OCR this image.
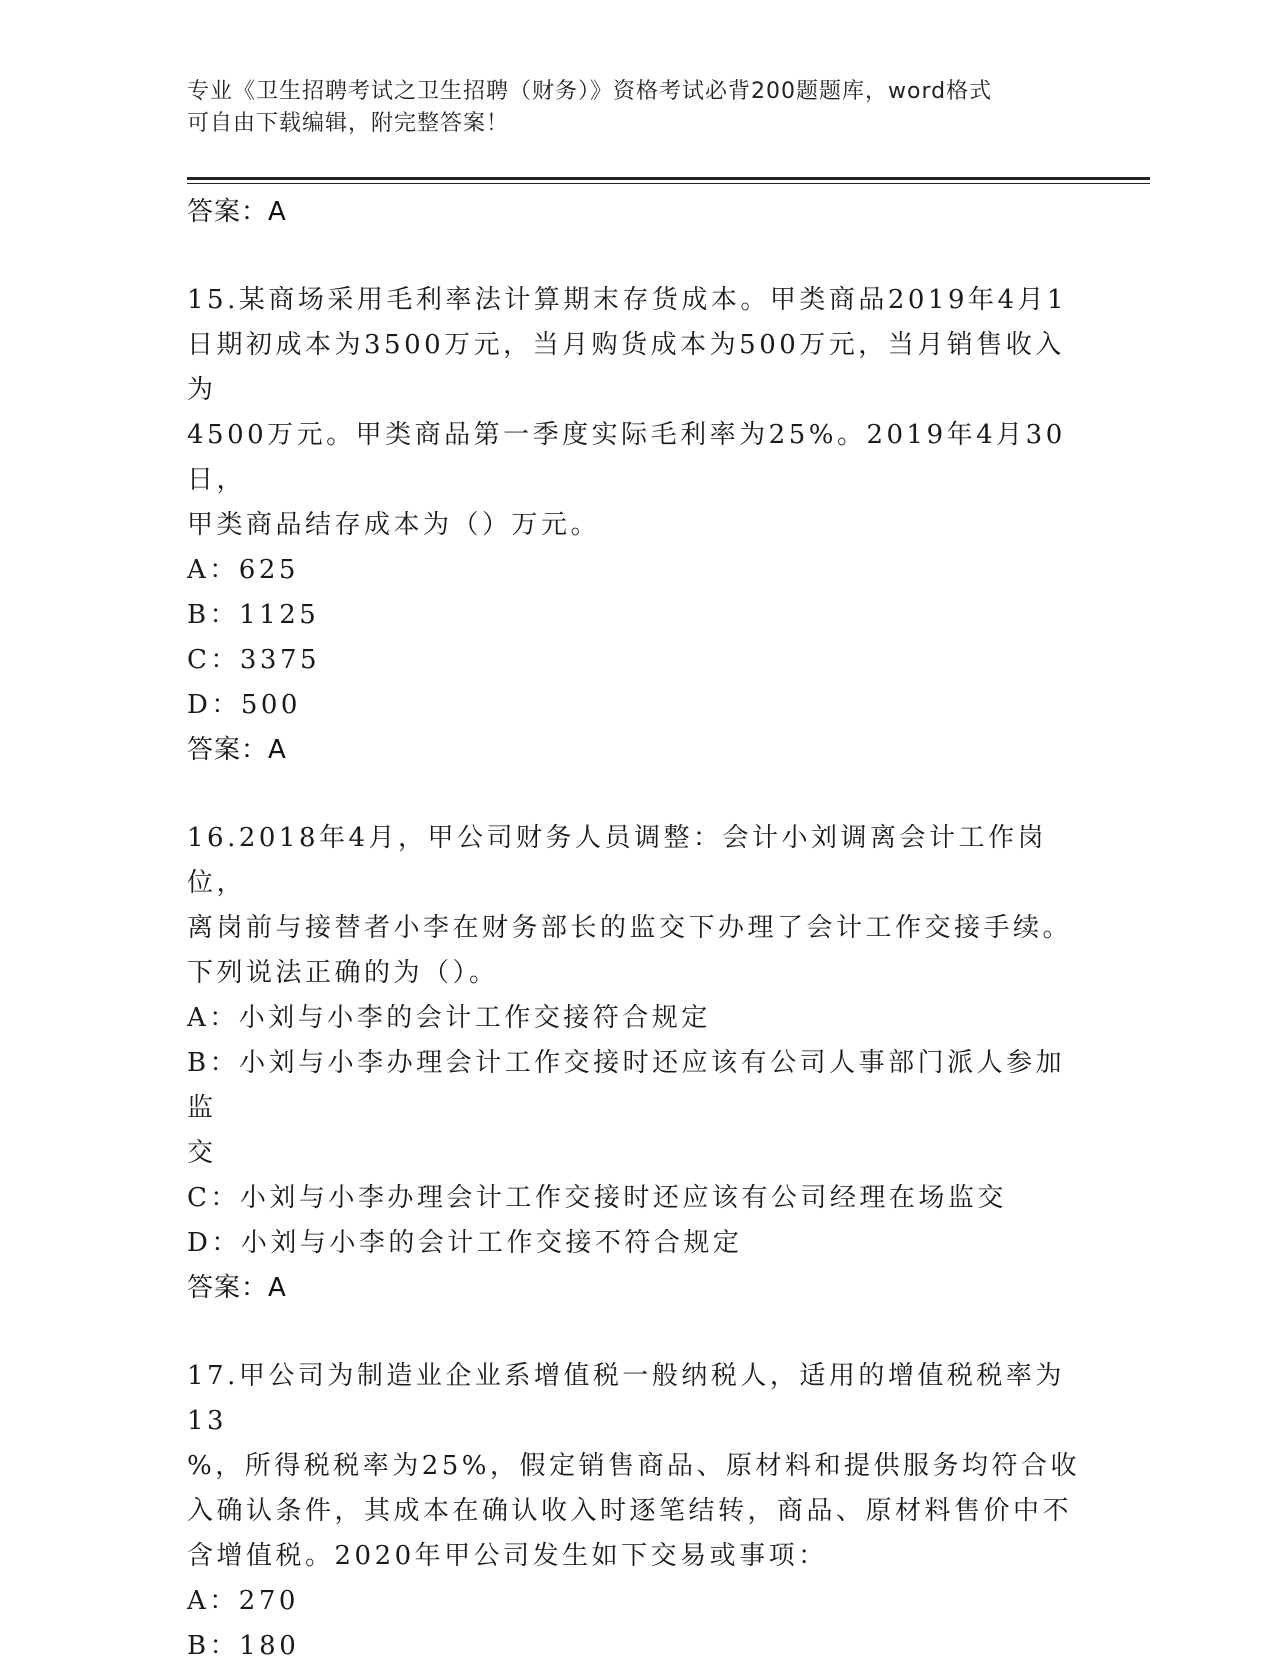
专业《卫生招聘考试之卫生招聘（财务）》资格考试必背200题题库，word格式
可自由下载编辑，附完整答案！
答案：A
15.某商场采用毛利率法计算期末存货成本。甲类商品2019年4月1
日期初成本为3500万元，当月购货成本为500万元，当月销售收入为
4500万元。甲类商品第一季度实际毛利率为25%。2019年4月30日，
甲类商品结存成本为（）万元。
A：625
B：1125
C：3375
D：500
答案：A
16.2018年4月，甲公司财务人员调整：会计小刘调离会计工作岗位，
离岗前与接替者小李在财务部长的监交下办理了会计工作交接手续。
下列说法正确的为（）。
A：小刘与小李的会计工作交接符合规定
B：小刘与小李办理会计工作交接时还应该有公司人事部门派人参加监
交
C：小刘与小李办理会计工作交接时还应该有公司经理在场监交
D：小刘与小李的会计工作交接不符合规定
答案：A
17.甲公司为制造业企业系增值税一般纳税人，适用的增值税税率为13
%，所得税税率为25%，假定销售商品、原材料和提供服务均符合收
入确认条件，其成本在确认收入时逐笔结转，商品、原材料售价中不
含增值税。2020年甲公司发生如下交易或事项：
A：270
B：180
